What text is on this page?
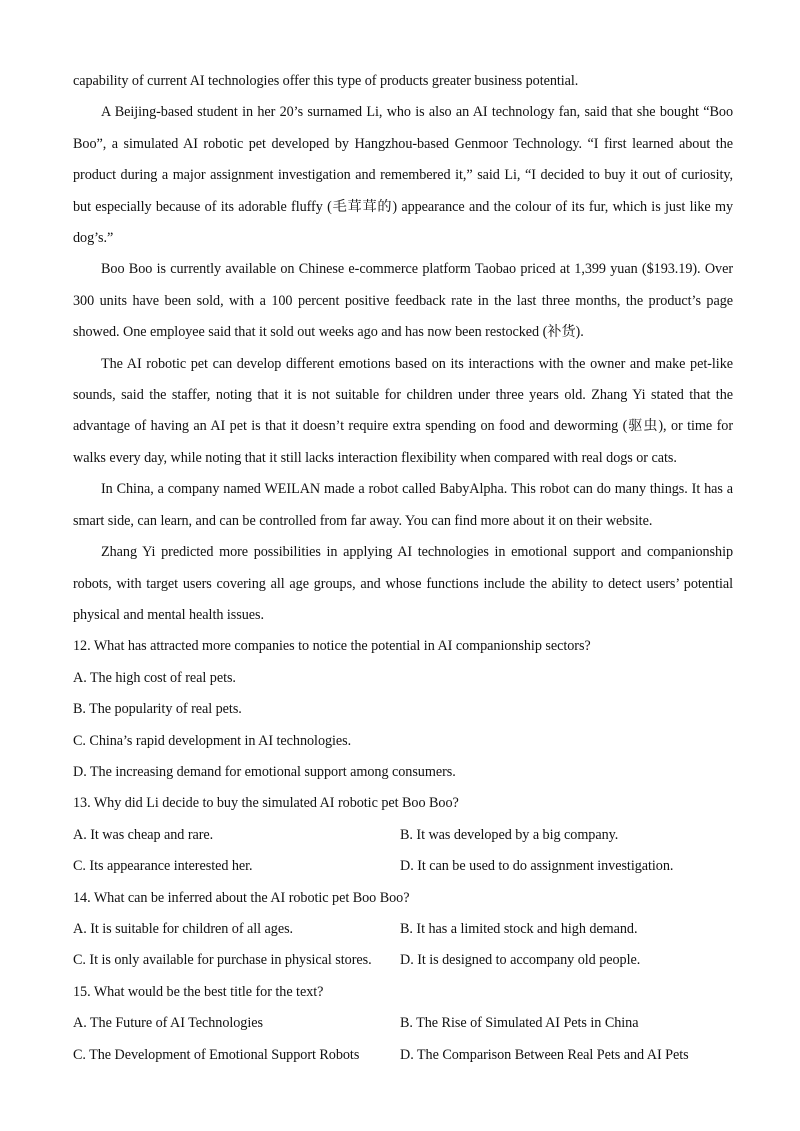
capability of current AI technologies offer this type of products greater business potential.

A Beijing-based student in her 20’s surnamed Li, who is also an AI technology fan, said that she bought “Boo Boo”, a simulated AI robotic pet developed by Hangzhou-based Genmoor Technology. “I first learned about the product during a major assignment investigation and remembered it,” said Li, “I decided to buy it out of curiosity, but especially because of its adorable fluffy (毛茸茸的) appearance and the colour of its fur, which is just like my dog’s.”

Boo Boo is currently available on Chinese e-commerce platform Taobao priced at 1,399 yuan ($193.19). Over 300 units have been sold, with a 100 percent positive feedback rate in the last three months, the product’s page showed. One employee said that it sold out weeks ago and has now been restocked (补货).

The AI robotic pet can develop different emotions based on its interactions with the owner and make pet-like sounds, said the staffer, noting that it is not suitable for children under three years old. Zhang Yi stated that the advantage of having an AI pet is that it doesn’t require extra spending on food and deworming (驱虫), or time for walks every day, while noting that it still lacks interaction flexibility when compared with real dogs or cats.

In China, a company named WEILAN made a robot called BabyAlpha. This robot can do many things. It has a smart side, can learn, and can be controlled from far away. You can find more about it on their website.

Zhang Yi predicted more possibilities in applying AI technologies in emotional support and companionship robots, with target users covering all age groups, and whose functions include the ability to detect users’ potential physical and mental health issues.

12. What has attracted more companies to notice the potential in AI companionship sectors?

A. The high cost of real pets.

B. The popularity of real pets.

C. China’s rapid development in AI technologies.

D. The increasing demand for emotional support among consumers.

13. Why did Li decide to buy the simulated AI robotic pet Boo Boo?

A. It was cheap and rare.	B. It was developed by a big company.

C. Its appearance interested her.	D. It can be used to do assignment investigation.

14. What can be inferred about the AI robotic pet Boo Boo?

A. It is suitable for children of all ages.	B. It has a limited stock and high demand.

C. It is only available for purchase in physical stores.	D. It is designed to accompany old people.

15. What would be the best title for the text?

A. The Future of AI Technologies	B. The Rise of Simulated AI Pets in China

C. The Development of Emotional Support Robots	D. The Comparison Between Real Pets and AI Pets
